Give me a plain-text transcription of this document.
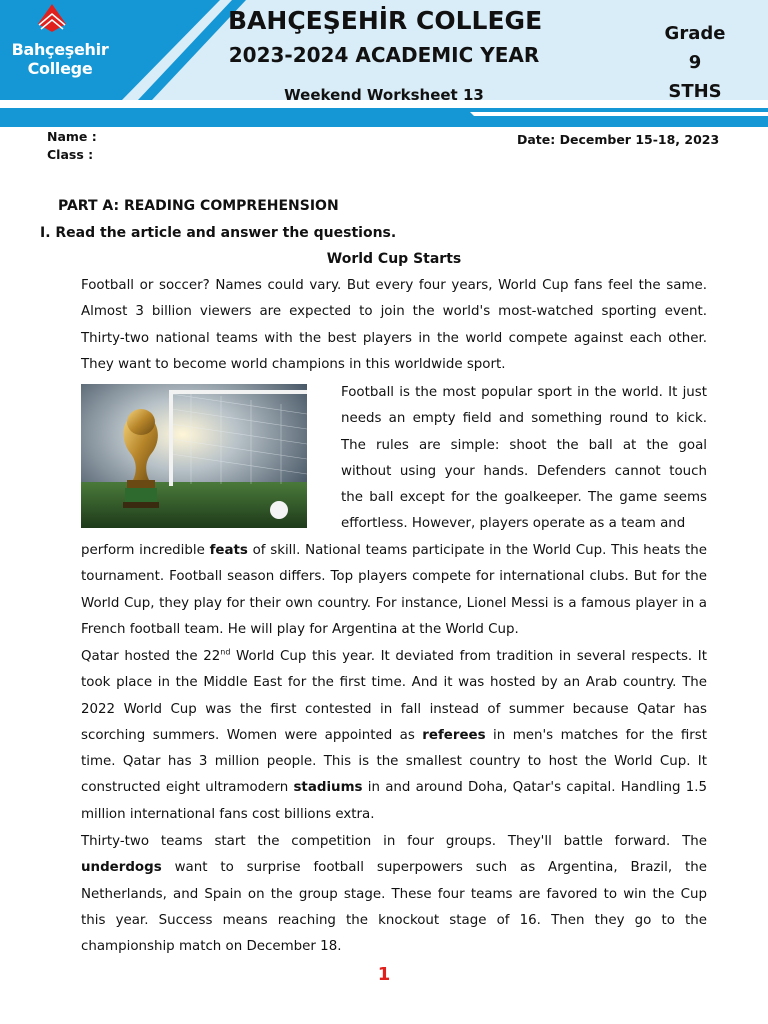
Bahçeşehir
College
BAHÇEŞEHİR COLLEGE
2023-2024 ACADEMIC YEAR
Weekend Worksheet 13
Grade
9
STHS
Name :
Class :
Date: December 15-18, 2023
PART A: READING COMPREHENSION
I. Read the article and answer the questions.
World Cup Starts

Football or soccer? Names could vary. But every four years, World Cup fans feel the same. Almost 3 billion viewers are expected to join the world's most-watched sporting event. Thirty-two national teams with the best players in the world compete against each other. They want to become world champions in this worldwide sport.

Football is the most popular sport in the world. It just needs an empty field and something round to kick. The rules are simple: shoot the ball at the goal without using your hands. Defenders cannot touch the ball except for the goalkeeper. The game seems effortless. However, players operate as a team and

perform incredible feats of skill. National teams participate in the World Cup. This heats the tournament. Football season differs. Top players compete for international clubs. But for the World Cup, they play for their own country. For instance, Lionel Messi is a famous player in a French football team. He will play for Argentina at the World Cup.

Qatar hosted the 22nd World Cup this year. It deviated from tradition in several respects. It took place in the Middle East for the first time. And it was hosted by an Arab country. The 2022 World Cup was the first contested in fall instead of summer because Qatar has scorching summers. Women were appointed as referees in men's matches for the first time. Qatar has 3 million people. This is the smallest country to host the World Cup. It constructed eight ultramodern stadiums in and around Doha, Qatar's capital. Handling 1.5 million international fans cost billions extra.

Thirty-two teams start the competition in four groups. They'll battle forward. The underdogs want to surprise football superpowers such as Argentina, Brazil, the Netherlands, and Spain on the group stage. These four teams are favored to win the Cup this year. Success means reaching the knockout stage of 16. Then they go to the championship match on December 18.

1
